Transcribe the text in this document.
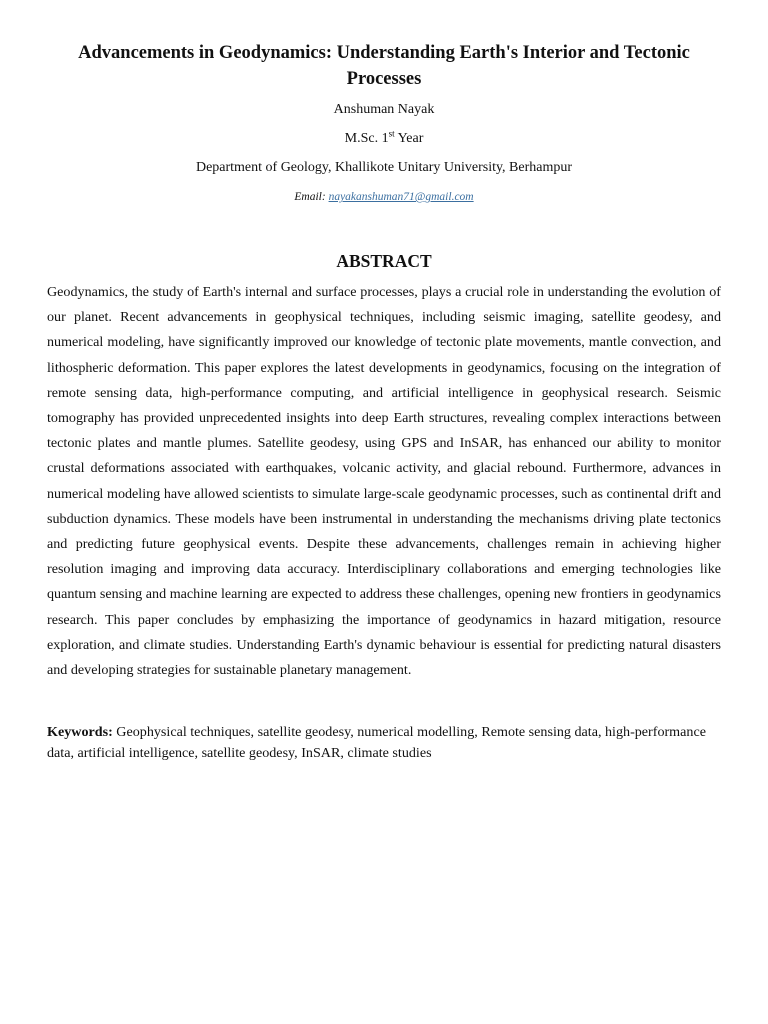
Advancements in Geodynamics: Understanding Earth's Interior and Tectonic Processes

Anshuman Nayak

M.Sc. 1st Year

Department of Geology, Khallikote Unitary University, Berhampur

Email: nayakanshuman71@gmail.com

ABSTRACT

Geodynamics, the study of Earth's internal and surface processes, plays a crucial role in understanding the evolution of our planet. Recent advancements in geophysical techniques, including seismic imaging, satellite geodesy, and numerical modeling, have significantly improved our knowledge of tectonic plate movements, mantle convection, and lithospheric deformation. This paper explores the latest developments in geodynamics, focusing on the integration of remote sensing data, high-performance computing, and artificial intelligence in geophysical research. Seismic tomography has provided unprecedented insights into deep Earth structures, revealing complex interactions between tectonic plates and mantle plumes. Satellite geodesy, using GPS and InSAR, has enhanced our ability to monitor crustal deformations associated with earthquakes, volcanic activity, and glacial rebound. Furthermore, advances in numerical modeling have allowed scientists to simulate large-scale geodynamic processes, such as continental drift and subduction dynamics. These models have been instrumental in understanding the mechanisms driving plate tectonics and predicting future geophysical events. Despite these advancements, challenges remain in achieving higher resolution imaging and improving data accuracy. Interdisciplinary collaborations and emerging technologies like quantum sensing and machine learning are expected to address these challenges, opening new frontiers in geodynamics research. This paper concludes by emphasizing the importance of geodynamics in hazard mitigation, resource exploration, and climate studies. Understanding Earth's dynamic behaviour is essential for predicting natural disasters and developing strategies for sustainable planetary management.

Keywords: Geophysical techniques, satellite geodesy, numerical modelling, Remote sensing data, high-performance data, artificial intelligence, satellite geodesy, InSAR, climate studies
